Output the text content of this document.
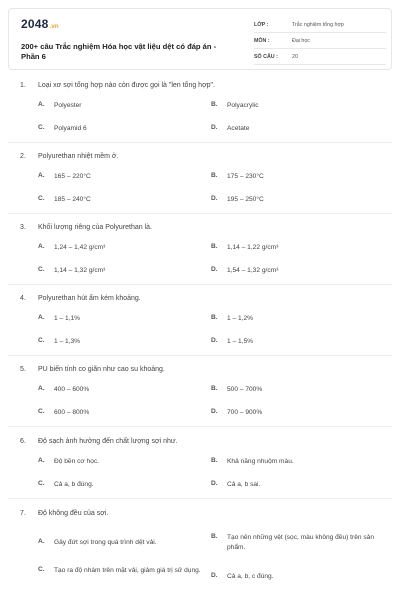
2048.vn
200+ câu Trắc nghiệm Hóa học vật liệu dệt có đáp án - Phần 6
LỚP :	Trắc nghiệm tổng hợp
MÔN :	Đại học
SỐ CÂU :	20
1. Loại xơ sợi tổng hợp nào còn được gọi là "len tổng hợp".
A.	Polyester	B.	Polyacrylic
C.	Polyamid 6	D.	Acetate
2. Polyurethan nhiệt mềm ở.
A.	165 – 220°C	B.	175 – 230°C
C.	185 – 240°C	D.	195 – 250°C
3. Khối lượng riêng của Polyurethan là.
A.	1,24 – 1,42 g/cm³	B.	1,14 – 1,22 g/cm³
C.	1,14 – 1,32 g/cm³	D.	1,54 – 1,32 g/cm³
4. Polyurethan hút ẩm kém khoảng.
A.	1 – 1,1%	B.	1 – 1,2%
C.	1 – 1,3%	D.	1 – 1,5%
5. PU biến tính co giãn như cao su khoảng.
A.	400 – 600%	B.	500 – 700%
C.	600 – 800%	D.	700 – 900%
6. Độ sạch ảnh hưởng đến chất lượng sợi như.
A.	Độ bền cơ học.	B.	Khả năng nhuộm màu.
C.	Cả a, b đúng.	D.	Cả a, b sai.
7. Độ không đều của sợi.
A.	Gây đứt sợi trong quá trình dệt vải.
B.	Tạo nên những vệt (sọc, màu không đều) trên sản phẩm.
C.	Tạo ra độ nhám trên mặt vải, giảm giá trị sử dụng.
D.	Cả a, b, c đúng.
